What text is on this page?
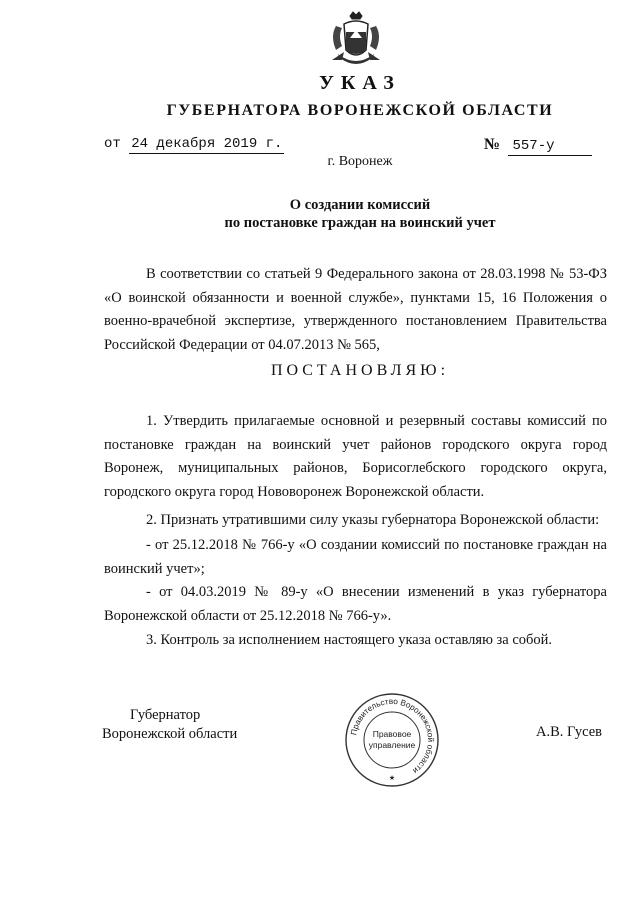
УКАЗ
ГУБЕРНАТОРА ВОРОНЕЖСКОЙ ОБЛАСТИ
от 24 декабря 2019 г.	№ 557-у
г. Воронеж
О создании комиссий
по постановке граждан на воинский учет

В соответствии со статьей 9 Федерального закона от 28.03.1998 № 53-ФЗ «О воинской обязанности и военной службе», пунктами 15, 16 Положения о военно-врачебной экспертизе, утвержденного постановлением Правительства Российской Федерации от 04.07.2013 № 565,

ПОСТАНОВЛЯЮ:

1. Утвердить прилагаемые основной и резервный составы комиссий по постановке граждан на воинский учет районов городского округа город Воронеж, муниципальных районов, Борисоглебского городского округа, городского округа город Нововоронеж Воронежской области.

2. Признать утратившими силу указы губернатора Воронежской области:

- от 25.12.2018 № 766-у «О создании комиссий по постановке граждан на воинский учет»;

- от 04.03.2019 № 89-у «О внесении изменений в указ губернатора Воронежской области от 25.12.2018 № 766-у».

3. Контроль за исполнением настоящего указа оставляю за собой.

Губернатор
Воронежской области	Правительство Воронежской области
Правовое
управление
★
А.В. Гусев
